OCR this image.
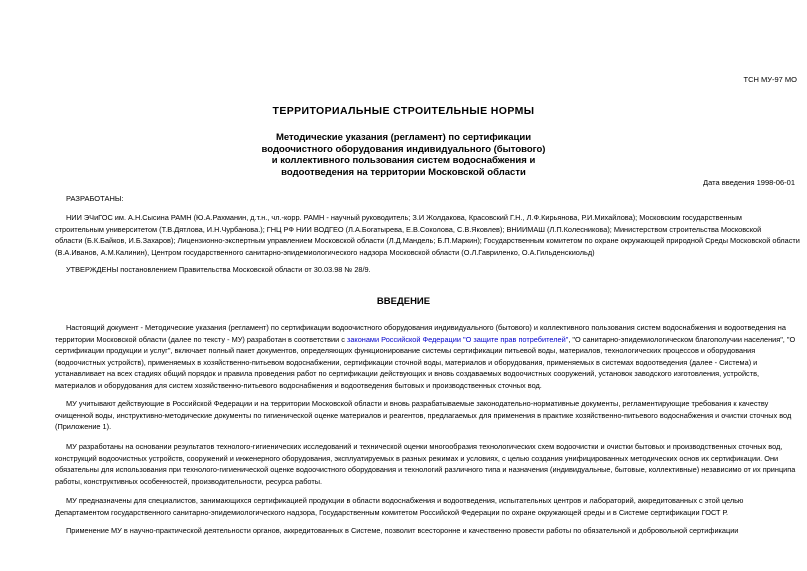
ТСН МУ-97 МО
ТЕРРИТОРИАЛЬНЫЕ СТРОИТЕЛЬНЫЕ НОРМЫ
Методические указания (регламент) по сертификации
водоочистного оборудования индивидуального (бытового)
и коллективного пользования систем водоснабжения и
водоотведения на территории Московской области
Дата введения 1998-06-01
РАЗРАБОТАНЫ:
НИИ ЭЧиГОС им. А.Н.Сысина РАМН (Ю.А.Рахманин, д.т.н., чл.-корр. РАМН - научный руководитель; З.И Жолдакова, Красовский Г.Н., Л.Ф.Кирьянова, Р.И.Михайлова); Московским государственным
строительным университетом (Т.В.Дятлова, И.Н.Чурбанова.); ГНЦ РФ НИИ ВОДГЕО (Л.А.Богатырева, Е.В.Соколова, С.В.Яковлев); ВНИИМАШ (Л.П.Колесникова); Министерством строительства Московской
области (Б.К.Байков, И.Б.Захаров); Лицензионно-экспертным управлением Московской области (Л.Д.Мандель; Б.П.Маркин); Государственным комитетом по охране окружающей природной Среды Московской области
(В.А.Иванов, А.М.Калинин), Центром государственного санитарно-эпидемиологического надзора Московской области (О.Л.Гавриленко, О.А.Гильденскиольд)
УТВЕРЖДЕНЫ постановлением Правительства Московской области от 30.03.98 № 28/9.
ВВЕДЕНИЕ
Настоящий документ - Методические указания (регламент) по сертификации водоочистного оборудования индивидуального (бытового) и коллективного пользования систем водоснабжения и водоотведения на
территории Московской области (далее по тексту - МУ) разработан в соответствии с законами Российской Федерации "О защите прав потребителей", "О санитарно-эпидемиологическом благополучии населения", "О
сертификации продукции и услуг", включает полный пакет документов, определяющих функционирование системы сертификации питьевой воды, материалов, технологических процессов и оборудования
(водоочистных устройств), применяемых в хозяйственно-питьевом водоснабжении, сертификации сточной воды, материалов и оборудования, применяемых в системах водоотведения (далее - Система) и
устанавливает на всех стадиях общий порядок и правила проведения работ по сертификации действующих и вновь создаваемых водоочистных сооружений, установок заводского изготовления, устройств,
материалов и оборудования для систем хозяйственно-питьевого водоснабжения и водоотведения бытовых и производственных сточных вод.
МУ учитывают действующие в Российской Федерации и на территории Московской области и вновь разрабатываемые законодательно-нормативные документы, регламентирующие требования к качеству
очищенной воды, инструктивно-методические документы по гигиенической оценке материалов и реагентов, предлагаемых для применения в практике хозяйственно-питьевого водоснабжения и очистки сточных вод
(Приложение 1).
МУ разработаны на основании результатов технолого-гигиенических исследований и технической оценки многообразия технологических схем водоочистки и очистки бытовых и производственных сточных вод,
конструкций водоочистных устройств, сооружений и инженерного оборудования, эксплуатируемых в разных режимах и условиях, с целью создания унифицированных методических основ их сертификации. Они
обязательны для использования при технолого-гигиенической оценке водоочистного оборудования и технологий различного типа и назначения (индивидуальные, бытовые, коллективные) независимо от их принципа
работы, конструктивных особенностей, производительности, ресурса работы.
МУ предназначены для специалистов, занимающихся сертификацией продукции в области водоснабжения и водоотведения, испытательных центров и лабораторий, аккредитованных с этой целью
Департаментом государственного санитарно-эпидемиологического надзора, Государственным комитетом Российской Федерации по охране окружающей среды и в Системе сертификации ГОСТ Р.
Применение МУ в научно-практической деятельности органов, аккредитованных в Системе, позволит всесторонне и качественно провести работы по обязательной и добровольной сертификации
